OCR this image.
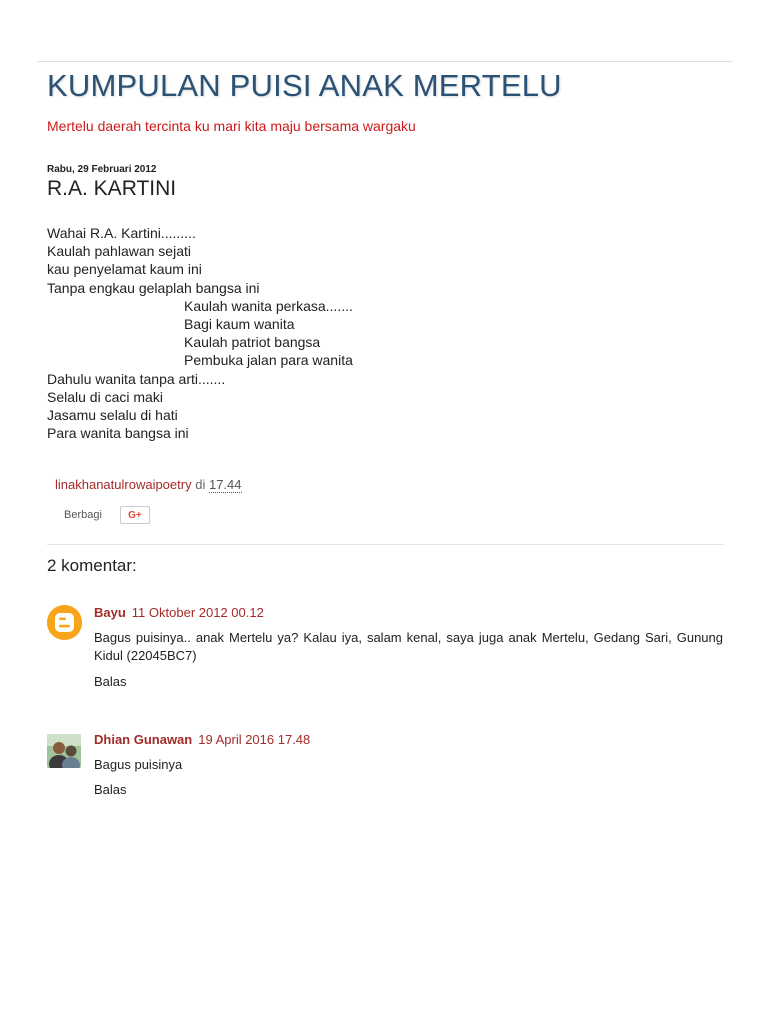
KUMPULAN PUISI ANAK MERTELU
Mertelu daerah tercinta ku mari kita maju bersama wargaku
Rabu, 29 Februari 2012
R.A. KARTINI
Wahai R.A. Kartini.........
Kaulah pahlawan sejati
kau penyelamat kaum ini
Tanpa engkau gelaplah bangsa ini
Kaulah wanita perkasa.......
Bagi kaum wanita
Kaulah patriot bangsa
Pembuka jalan para wanita
Dahulu wanita tanpa arti.......
Selalu di caci maki
Jasamu selalu di hati
Para wanita bangsa ini
linakhanatulrowaipoetry di 17.44
Berbagi	G+
2 komentar:
Bayu 11 Oktober 2012 00.12
Bagus puisinya.. anak Mertelu ya? Kalau iya, salam kenal, saya juga anak Mertelu, Gedang Sari, Gunung Kidul (22045BC7)
Balas
Dhian Gunawan 19 April 2016 17.48
Bagus puisinya
Balas
